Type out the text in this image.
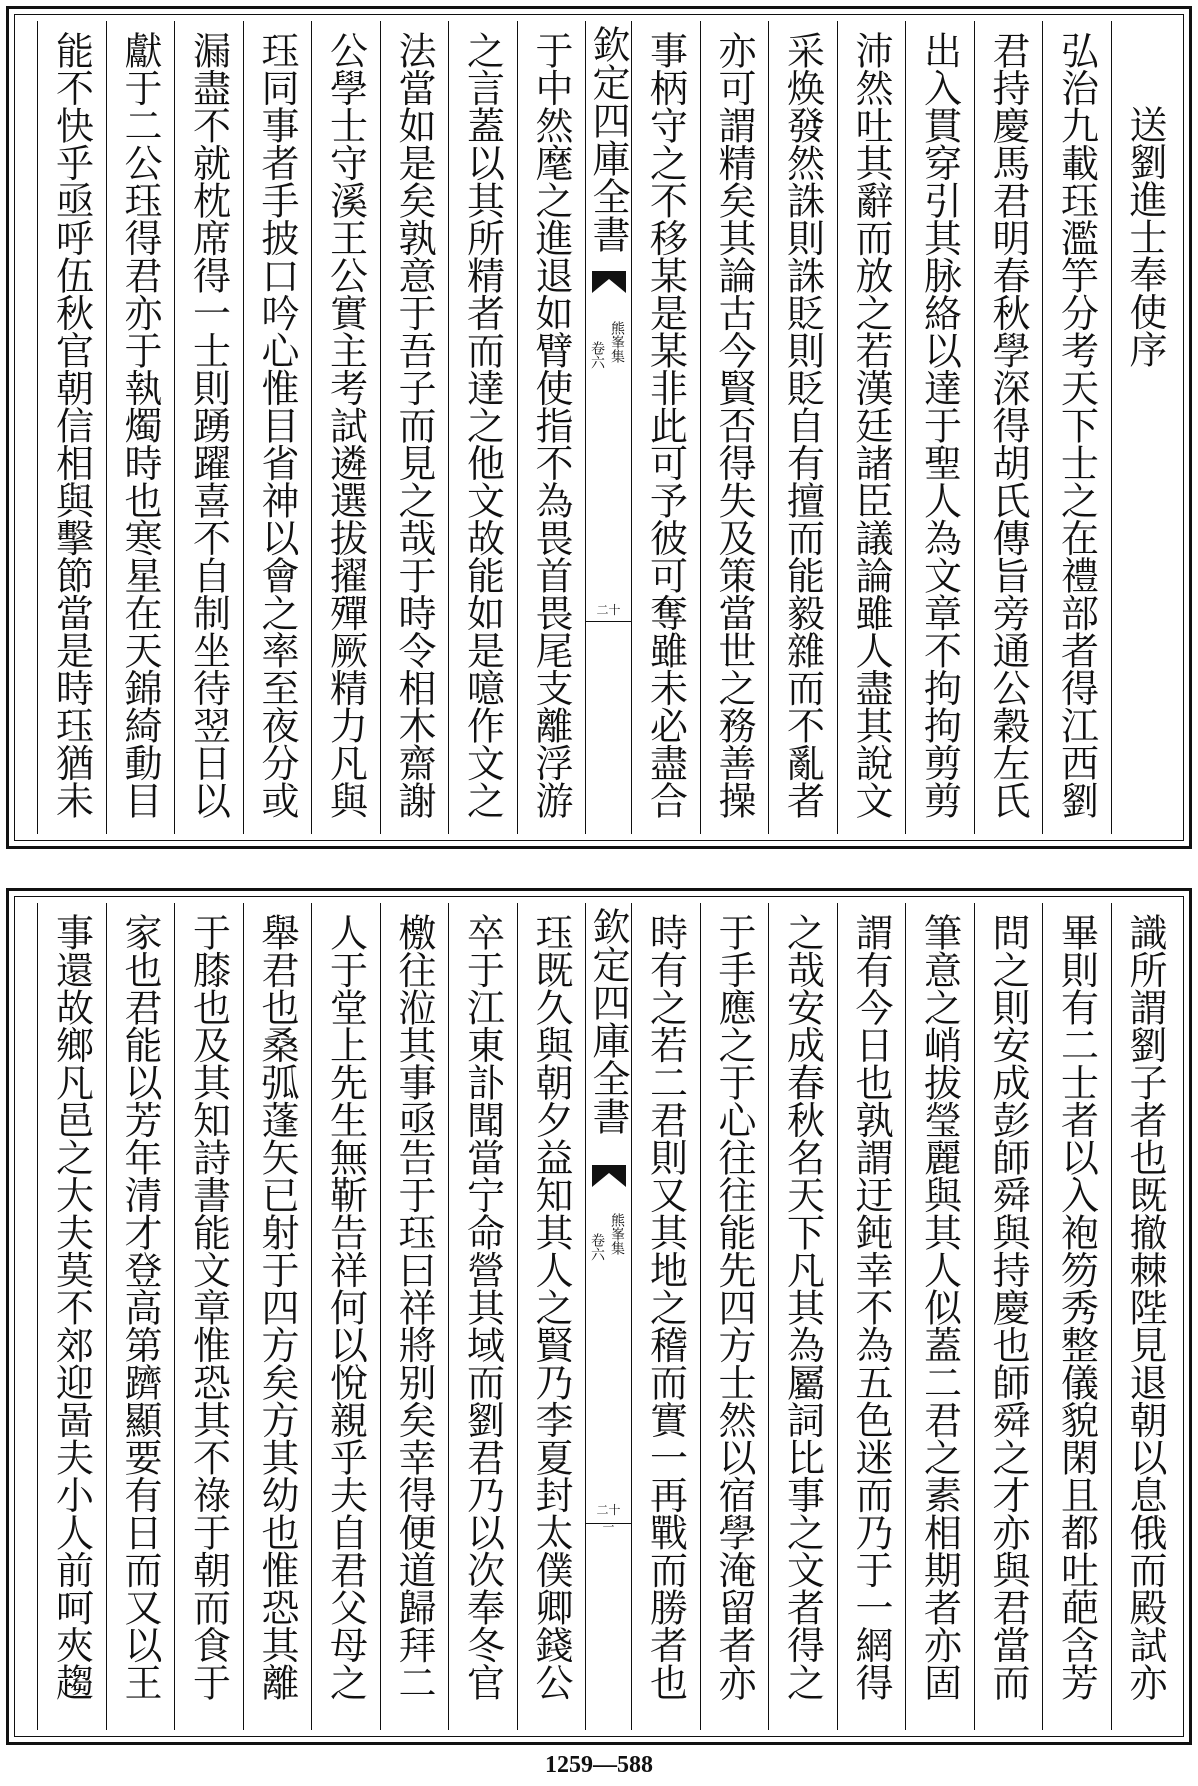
送劉進士奉使序
弘治九載珏濫竽分考天下士之在禮部者得江西劉
君持慶馬君明春秋學深得胡氏傳旨旁通公穀左氏
出入貫穿引其脉絡以達于聖人為文章不拘拘剪剪
沛然吐其辭而放之若漢廷諸臣議論雖人盡其說文
采焕發然誅則誅貶則貶自有擅而能毅雜而不亂者
亦可謂精矣其論古今賢否得失及策當世之務善操
事柄守之不移某是某非此可予彼可奪雖未必盡合
欽定四庫全書
卷六 熊峯集
二十
于中然麾之進退如臂使指不為畏首畏尾支離浮游
之言蓋以其所精者而達之他文故能如是噫作文之
法當如是矣孰意于吾子而見之哉于時令相木齋謝
公學士守溪王公實主考試遴選拔擢殫厥精力凡與
珏同事者手披口吟心惟目省神以會之率至夜分或
漏盡不就枕席得一士則踴躍喜不自制坐待翌日以
獻于二公珏得君亦于執燭時也寒星在天錦綺動目
能不快乎亟呼伍秋官朝信相與擊節當是時珏猶未
識所謂劉子者也既撤棘陛見退朝以息俄而殿試亦
畢則有二士者以入袍笏秀整儀貌閑且都吐葩含芳
問之則安成彭師舜與持慶也師舜之才亦與君當而
筆意之峭拔瑩麗與其人似蓋二君之素相期者亦固
謂有今日也孰謂迂鈍幸不為五色迷而乃于一網得
之哉安成春秋名天下凡其為屬詞比事之文者得之
于手應之于心往往能先四方士然以宿學淹留者亦
時有之若二君則又其地之稽而實一再戰而勝者也
欽定四庫全書
卷六 熊峯集
二十一
珏既久與朝夕益知其人之賢乃李夏封太僕卿錢公
卒于江東訃聞當宁命營其域而劉君乃以次奉冬官
檄往涖其事亟告于珏曰祥將别矣幸得便道歸拜二
人于堂上先生無靳告祥何以悅親乎夫自君父母之
舉君也桑弧蓬矢已射于四方矣方其幼也惟恐其離
于膝也及其知詩書能文章惟恐其不祿于朝而食于
家也君能以芳年清才登高第躋顯要有日而又以王
事還故鄉凡邑之大夫莫不郊迎啚夫小人前呵夾趨
1259—588
